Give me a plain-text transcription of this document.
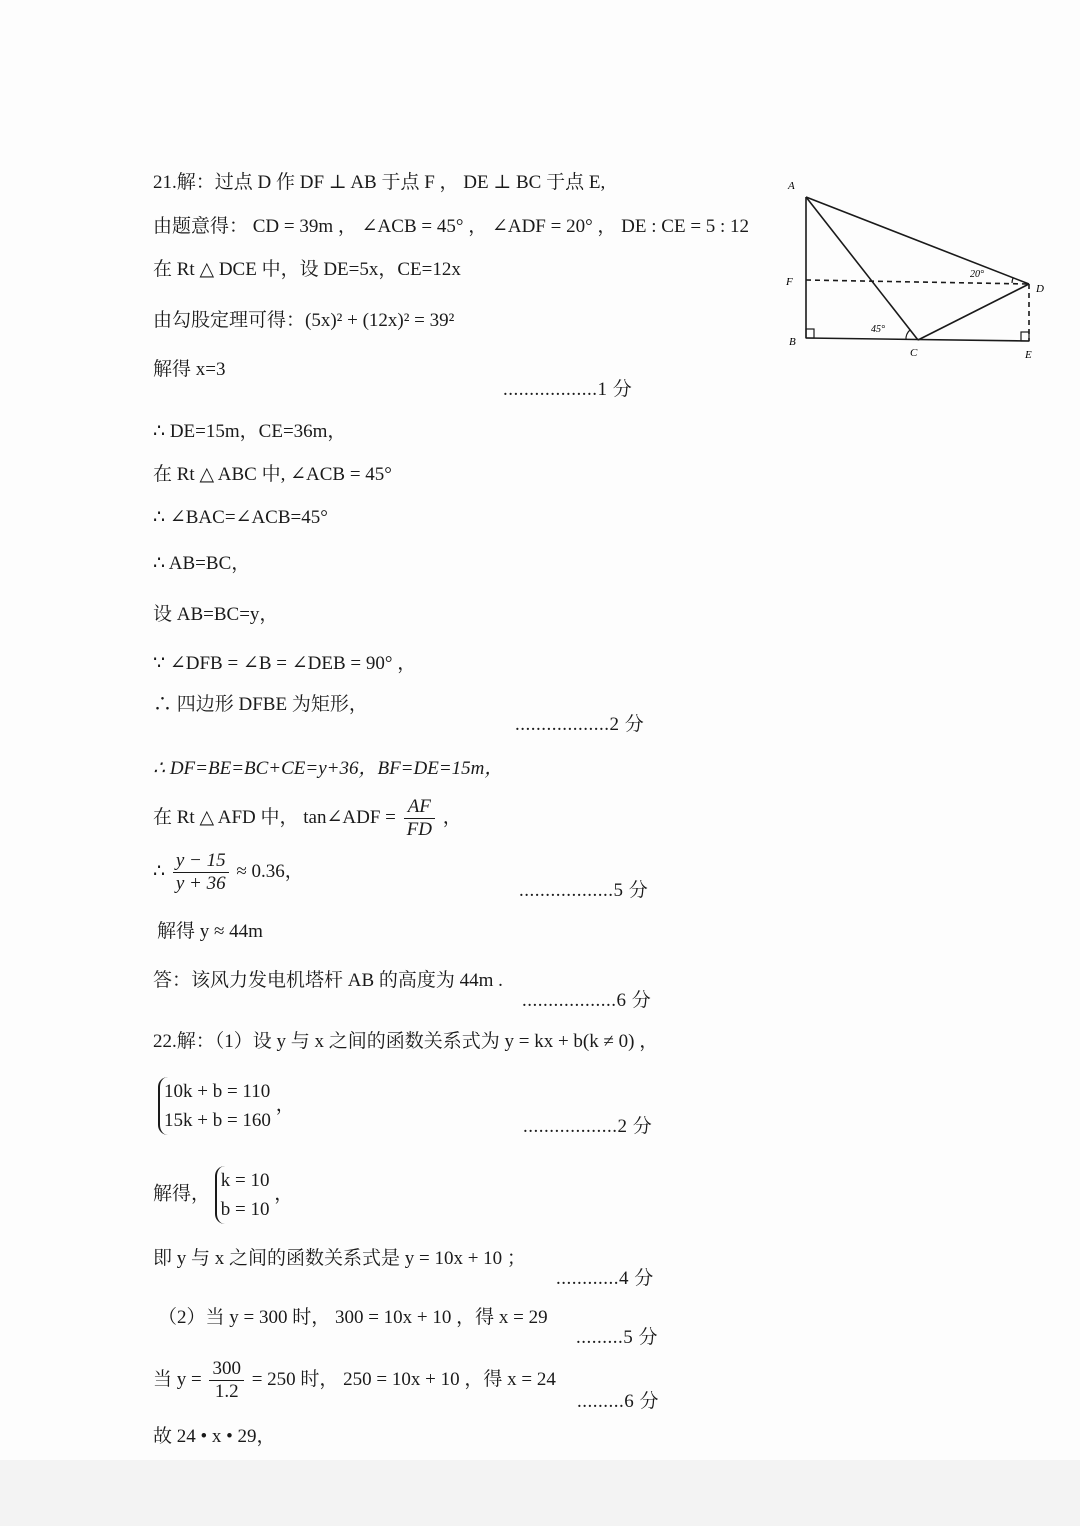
21.解：过点 D 作 DF ⊥ AB 于点 F ， DE ⊥ BC 于点 E,
由题意得： CD = 39m ， ∠ACB = 45° ， ∠ADF = 20° ， DE : CE = 5 : 12
在 Rt △ DCE 中，设 DE=5x，CE=12x
由勾股定理可得：(5x)² + (12x)² = 39²
解得 x=3
..................1 分
∴ DE=15m，CE=36m，
在 Rt △ ABC 中, ∠ACB = 45°
∴ ∠BAC=∠ACB=45°
∴ AB=BC，
设 AB=BC=y，
∵ ∠DFB = ∠B = ∠DEB = 90° ，
∴ 四边形 DFBE 为矩形，
..................2 分
∴ DF=BE=BC+CE=y+36，BF=DE=15m，
在 Rt △ AFD 中， tan∠ADF = $\frac{AF}{FD}$ ，
∴ $\frac{y - 15}{y + 36} \approx 0.36$，
..................5 分
解得 y ≈ 44m
答：该风力发电机塔杆 AB 的高度为 44m .
..................6 分
A
F
B
C
D
E
20°
45°
22.解：（1）设 y 与 x 之间的函数关系式为 y = kx + b(k ≠ 0) ，
10k + b = 110
15k + b = 160
，
..................2 分
解得，
k = 10
b = 10
，
即 y 与 x 之间的函数关系式是 y = 10x + 10 ；
............4 分
（2）当 y = 300 时， 300 = 10x + 10 ，得 x = 29
.........5 分
当 $y = \frac{300}{1.2} = 250$ 时， 250 = 10x + 10 ，得 x = 24
.........6 分
故 24 • x • 29，
